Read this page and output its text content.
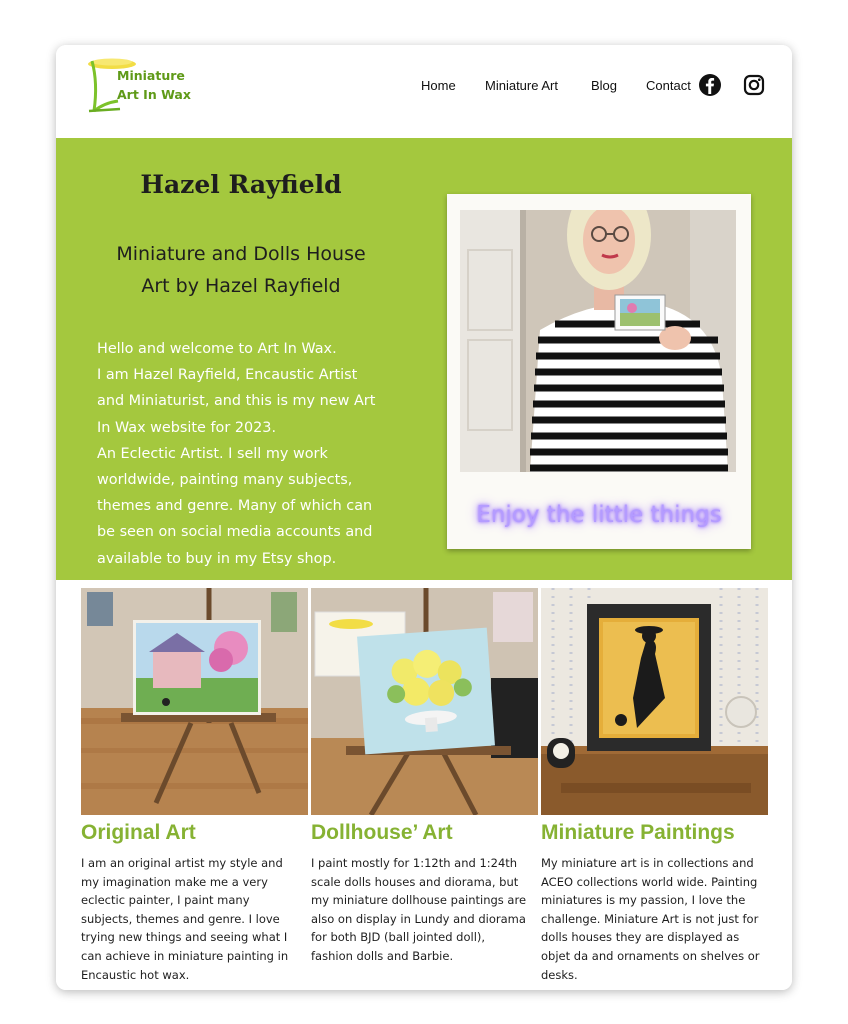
Miniature
Art In Wax
Home Miniature Art	Blog Contact
Hazel Rayfield
Miniature and Dolls House
Art by Hazel Rayfield

Hello and welcome to Art In Wax.

I am Hazel Rayfield, Encaustic Artist

and Miniaturist, and this is my new Art

In Wax website for 2023.

An Eclectic Artist. I sell my work

worldwide, painting many subjects,

themes and genre. Many of which can

be seen on social media accounts and

available to buy in my Etsy shop.

Enjoy the little things
Original Art

I am an original artist my style and

my imagination make me a very

eclectic painter, I paint many

subjects, themes and genre. I love

trying new things and seeing what I

can achieve in miniature painting in

Encaustic hot wax.

Dollhouse’ Art

I paint mostly for 1:12th and 1:24th

scale dolls houses and diorama, but

my miniature dollhouse paintings are

also on display in Lundy and diorama

for both BJD (ball jointed doll),

fashion dolls and Barbie.

Miniature Paintings

My miniature art is in collections and

ACEO collections world wide. Painting

miniatures is my passion, I love the

challenge. Miniature Art is not just for

dolls houses they are displayed as

objet da and ornaments on shelves or

desks.
